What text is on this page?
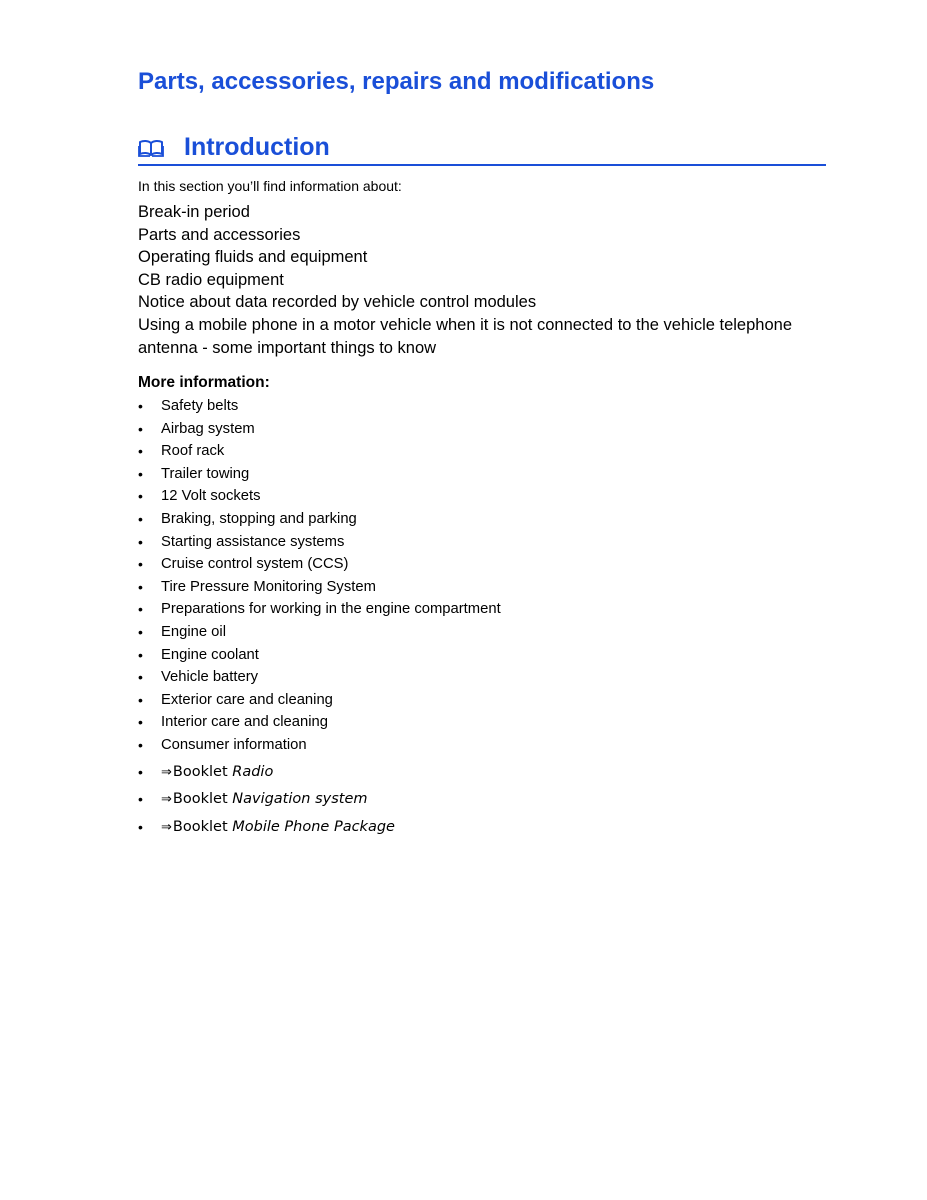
Parts, accessories, repairs and modifications
Introduction

In this section you’ll find information about:

Break-in period
Parts and accessories
Operating fluids and equipment
CB radio equipment
Notice about data recorded by vehicle control modules
Using a mobile phone in a motor vehicle when it is not connected to the vehicle telephone antenna - some important things to know

More information:

• Safety belts
• Airbag system
• Roof rack
• Trailer towing
• 12 Volt sockets
• Braking, stopping and parking
• Starting assistance systems
• Cruise control system (CCS)
• Tire Pressure Monitoring System
• Preparations for working in the engine compartment
• Engine oil
• Engine coolant
• Vehicle battery
• Exterior care and cleaning
• Interior care and cleaning
• Consumer information
• ⇒Booklet Radio
• ⇒Booklet Navigation system
• ⇒Booklet Mobile Phone Package
